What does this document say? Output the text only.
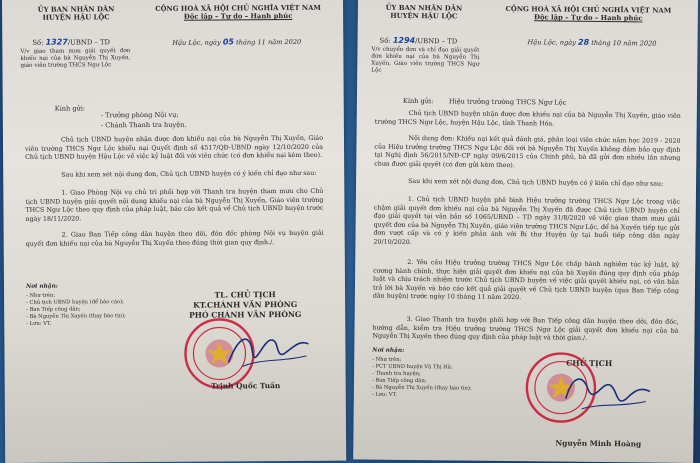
ỦY BAN NHÂN DÂN
HUYỆN HẬU LỘC
CỘNG HOÀ XÃ HỘI CHỦ NGHĨA VIỆT NAM
Độc lập – Tự do – Hạnh phúc
Số: 1327/UBND – TD	Hậu Lộc, ngày 05 tháng 11 năm 2020
V/v giao tham mưu giải quyết đơn khiếu nại của bà Nguyễn Thị Xuyến, giáo viên trường THCS Ngư Lộc
Kính gửi:
- Trưởng phòng Nội vụ;
- Chánh Thanh tra huyện.
Chủ tịch UBND huyện nhận được đơn khiếu nại của bà Nguyễn Thị Xuyến, Giáo viên trường THCS Ngư Lộc khiếu nại Quyết định số 4517/QĐ-UBND ngày 12/10/2020 của Chủ tịch UBND huyện Hậu Lộc về việc kỷ luật đối với viên chức (có đơn khiếu nại kèm theo).
Sau khi xem xét nội dung đơn, Chủ tịch UBND huyện có ý kiến chỉ đạo như sau:
1. Giao Phòng Nội vụ chủ trì phối hợp với Thanh tra huyện tham mưu cho Chủ tịch UBND huyện giải quyết nội dung khiếu nại của bà Nguyễn Thị Xuyến, Giáo viên trường THCS Ngư Lộc theo quy định của pháp luật, báo cáo kết quả về Chủ tịch UBND huyện trước ngày 18/11/2020.
2. Giao Ban Tiếp công dân huyện theo dõi, đôn đốc phòng Nội vụ huyện giải quyết đơn khiếu nại của bà Nguyễn Thị Xuyến theo đúng thời gian quy định./.
Nơi nhận:
- Như trên;
- Chủ tịch UBND huyện (để báo cáo);
- Ban Tiếp công dân;
- Bà Nguyễn Thị Xuyến (thay báo tin);
- Lưu: VT.
TL. CHỦ TỊCH
KT.CHÁNH VĂN PHÒNG
PHÓ CHÁNH VĂN PHÒNG
Trịnh Quốc Tuấn
ỦY BAN NHÂN DÂN
HUYỆN HẬU LỘC
CỘNG HOÀ XÃ HỘI CHỦ NGHĨA VIỆT NAM
Độc lập – Tự do – Hạnh phúc
Số: 1294/UBND – TD	Hậu Lộc, ngày 28 tháng 10 năm 2020
V/v chuyển đơn và chỉ đạo giải quyết đơn khiếu nại của bà Nguyễn Thị Xuyến, Giáo viên trường THCS Ngư Lộc
Kính gửi: Hiệu trưởng trường THCS Ngư Lộc
Chủ tịch UBND huyện nhận được đơn khiếu nại của bà Nguyễn Thị Xuyến, giáo viên trường THCS Ngư Lộc, huyện Hậu Lộc, tỉnh Thanh Hóa.
Nội dung đơn: Khiếu nại kết quả đánh giá, phân loại viên chức năm học 2019 - 2020 của Hiệu trưởng trường THCS Ngư Lộc đối với bà Nguyễn Thị Xuyến không đảm bảo quy định tại Nghị định 56/2015/NĐ-CP ngày 09/6/2015 của Chính phủ, bà đã gửi đơn nhiều lần nhưng chưa được giải quyết (có đơn gửi kèm theo).
Sau khi xem xét nội dung đơn, Chủ tịch UBND huyện có ý kiến chỉ đạo như sau:
1. Chủ tịch UBND huyện phê bình Hiệu trưởng trường THCS Ngư Lộc trong việc chậm giải quyết đơn khiếu nại của bà Nguyễn Thị Xuyến đã được Chủ tịch UBND huyện chỉ đạo giải quyết tại văn bản số 1065/UBND – TD ngày 31/8/2020 về việc giao tham mưu giải quyết đơn của bà Nguyễn Thị Xuyến, giáo viên trường THCS Ngư Lộc, để bà Xuyến tiếp tục gửi đơn vượt cấp và có ý kiến phản ánh với Bí thư Huyện ủy tại buổi tiếp công dân ngày 20/10/2020.
2. Yêu cầu Hiệu trưởng trường THCS Ngư Lộc chấp hành nghiêm túc kỷ luật, kỷ cương hành chính, thực hiện giải quyết đơn khiếu nại của bà Xuyến đúng quy định của pháp luật và chịu trách nhiệm trước Chủ tịch UBND huyện về việc giải quyết khiếu nại, có văn bản trả lời bà Xuyến và báo cáo kết quả giải quyết về Chủ tịch UBND huyện (qua Ban Tiếp công dân huyện) trước ngày 10 tháng 11 năm 2020.
3. Giao Thanh tra huyện phối hợp với Ban Tiếp công dân huyện theo dõi, đôn đốc, hướng dẫn, kiểm tra Hiệu trưởng trường THCS Ngư Lộc giải quyết đơn khiếu nại của bà Nguyễn Thị Xuyến theo đúng quy định của pháp luật và thời gian./.
Nơi nhận:
- Như trên;
- PCT UBND huyện Vũ Thị Hà;
- Thanh tra huyện;
- Ban Tiếp công dân;
- Bà Nguyễn Thị Xuyến (thay báo tin);
- Lưu: VT.
CHỦ TỊCH
Nguyễn Minh Hoàng
